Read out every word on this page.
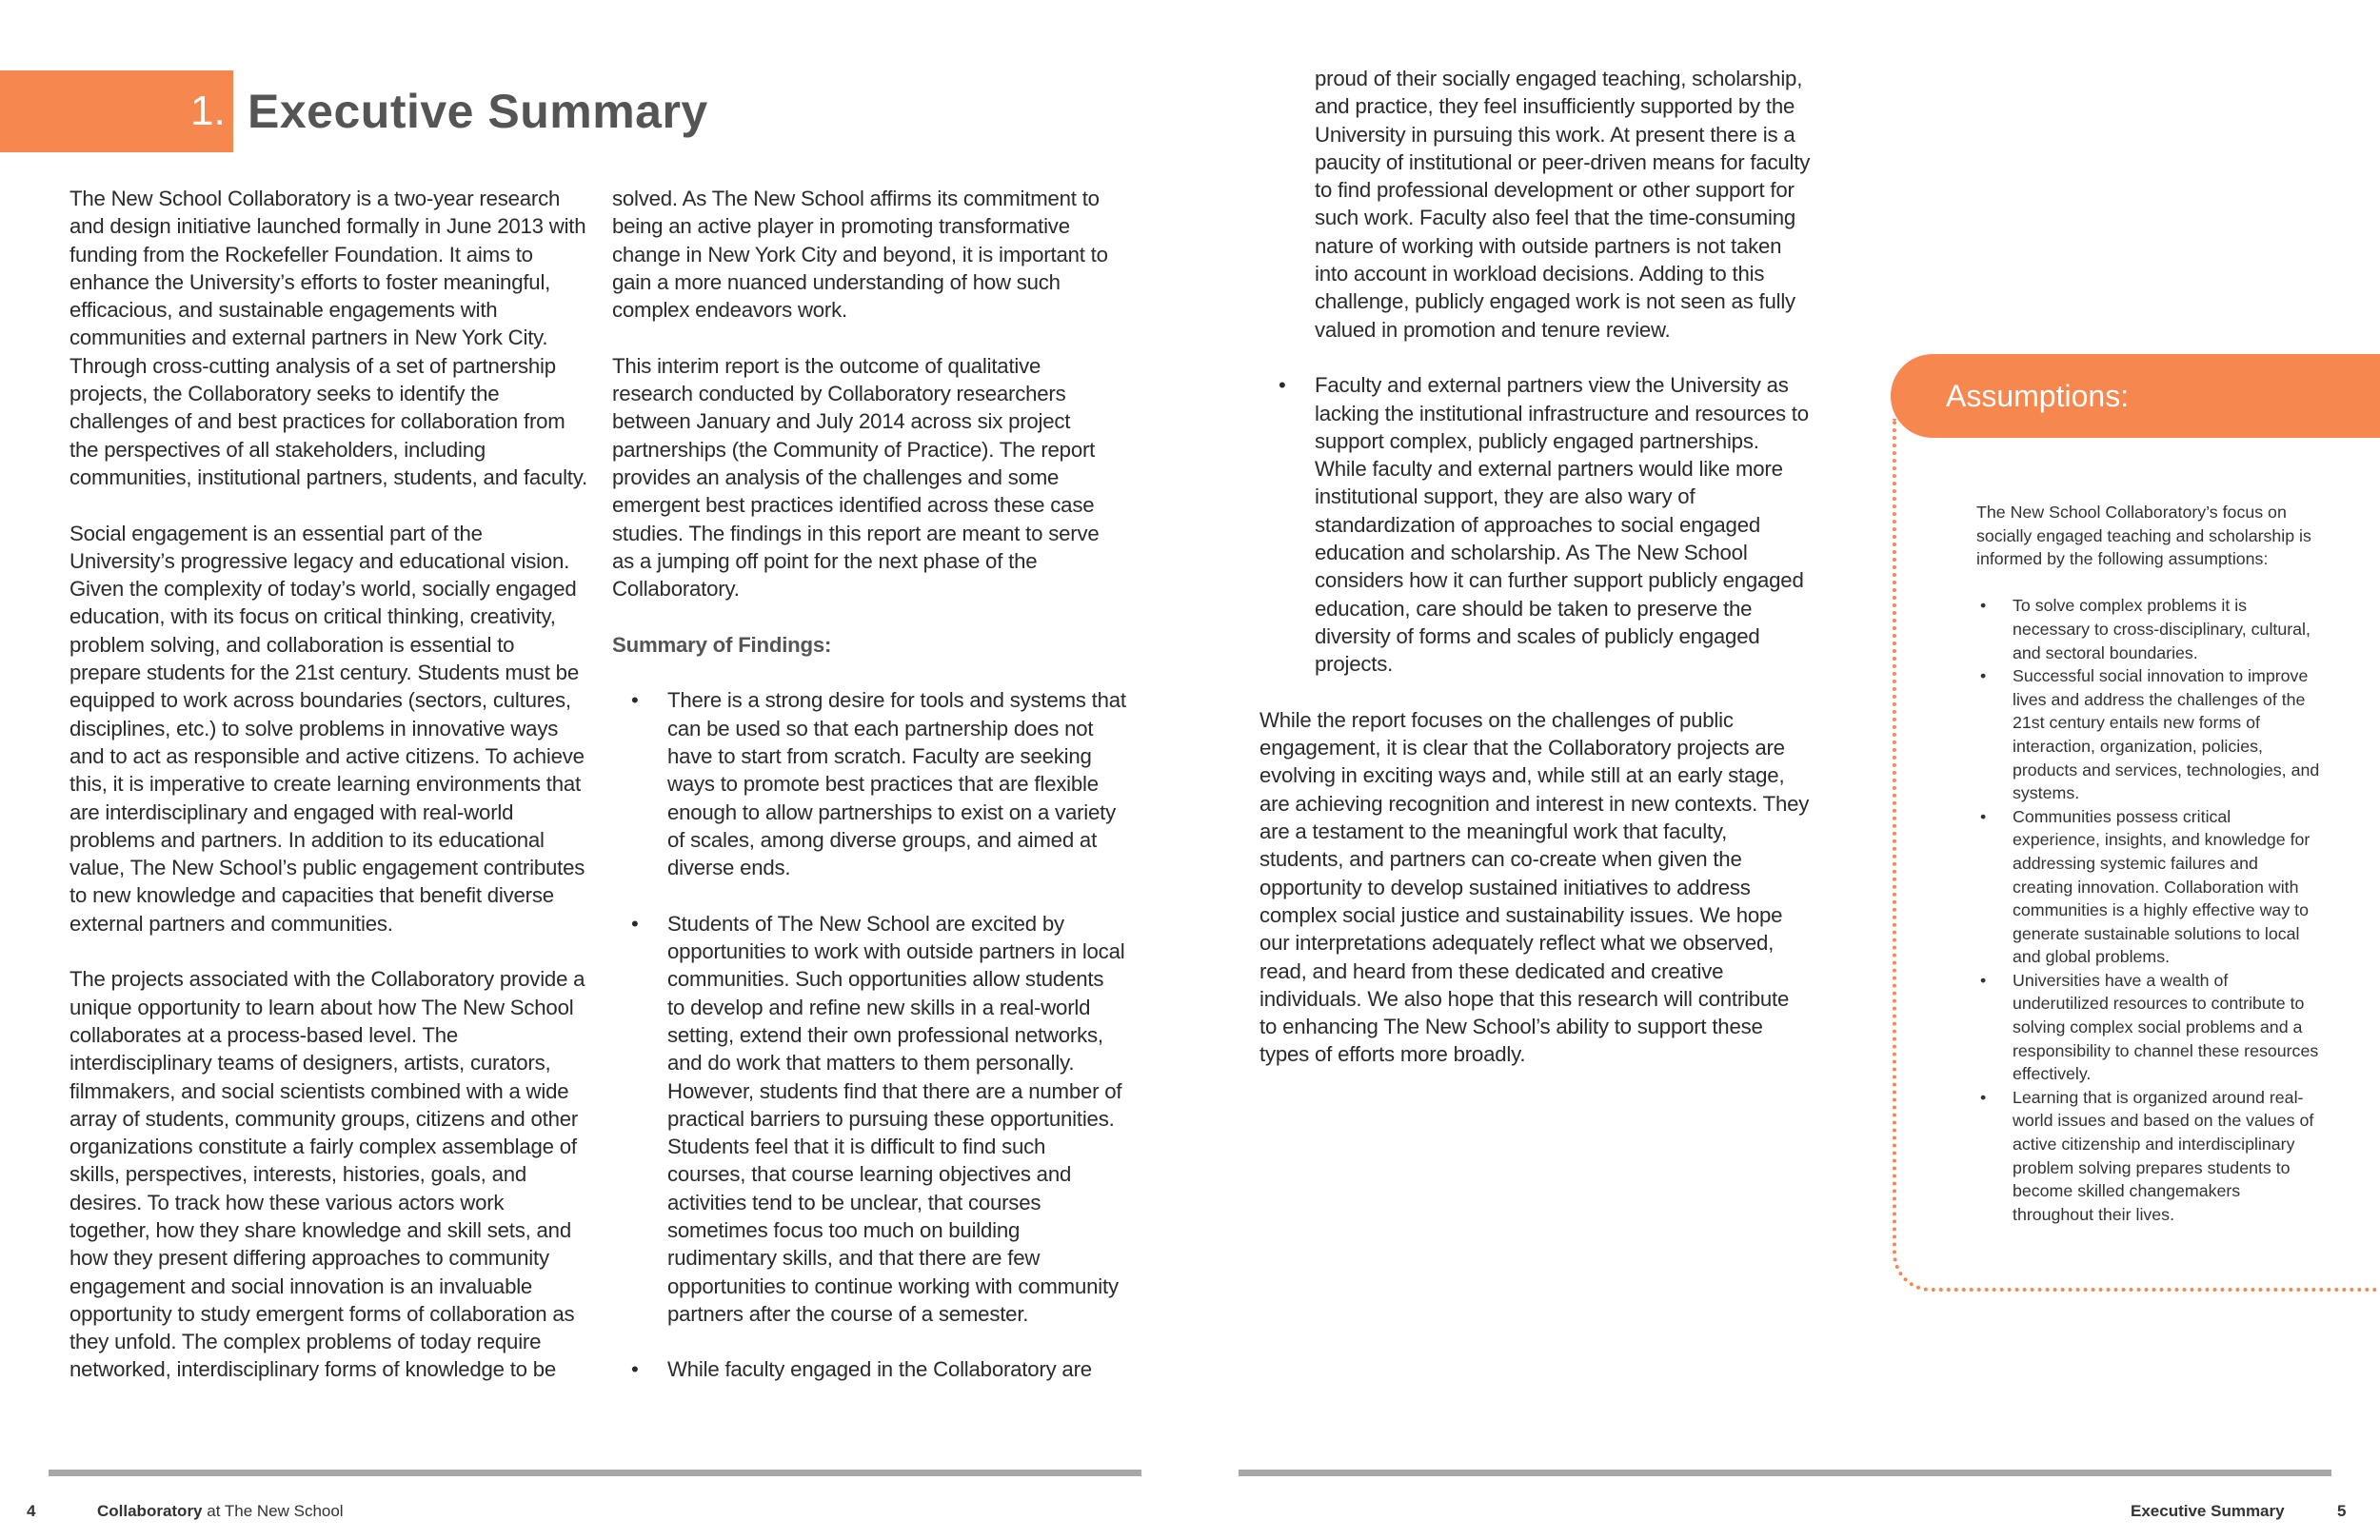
1. Executive Summary

The New School Collaboratory is a two-year research and design initiative launched formally in June 2013 with funding from the Rockefeller Foundation. It aims to enhance the University’s efforts to foster meaningful, efficacious, and sustainable engagements with communities and external partners in New York City. Through cross-cutting analysis of a set of partnership projects, the Collaboratory seeks to identify the challenges of and best practices for collaboration from the perspectives of all stakeholders, including communities, institutional partners, students, and faculty.

Social engagement is an essential part of the University’s progressive legacy and educational vision. Given the complexity of today’s world, socially engaged education, with its focus on critical thinking, creativity, problem solving, and collaboration is essential to prepare students for the 21st century. Students must be equipped to work across boundaries (sectors, cultures, disciplines, etc.) to solve problems in innovative ways and to act as responsible and active citizens. To achieve this, it is imperative to create learning environments that are interdisciplinary and engaged with real-world problems and partners. In addition to its educational value, The New School’s public engagement contributes to new knowledge and capacities that benefit diverse external partners and communities.

The projects associated with the Collaboratory provide a unique opportunity to learn about how The New School collaborates at a process-based level. The interdisciplinary teams of designers, artists, curators, filmmakers, and social scientists combined with a wide array of students, community groups, citizens and other organizations constitute a fairly complex assemblage of skills, perspectives, interests, histories, goals, and desires. To track how these various actors work together, how they share knowledge and skill sets, and how they present differing approaches to community engagement and social innovation is an invaluable opportunity to study emergent forms of collaboration as they unfold. The complex problems of today require networked, interdisciplinary forms of knowledge to be

solved. As The New School affirms its commitment to being an active player in promoting transformative change in New York City and beyond, it is important to gain a more nuanced understanding of how such complex endeavors work.

This interim report is the outcome of qualitative research conducted by Collaboratory researchers between January and July 2014 across six project partnerships (the Community of Practice). The report provides an analysis of the challenges and some emergent best practices identified across these case studies. The findings in this report are meant to serve as a jumping off point for the next phase of the Collaboratory.

Summary of Findings:

• There is a strong desire for tools and systems that can be used so that each partnership does not have to start from scratch. Faculty are seeking ways to promote best practices that are flexible enough to allow partnerships to exist on a variety of scales, among diverse groups, and aimed at diverse ends.
• Students of The New School are excited by opportunities to work with outside partners in local communities. Such opportunities allow students to develop and refine new skills in a real-world setting, extend their own professional networks, and do work that matters to them personally. However, students find that there are a number of practical barriers to pursuing these opportunities. Students feel that it is difficult to find such courses, that course learning objectives and activities tend to be unclear, that courses sometimes focus too much on building rudimentary skills, and that there are few opportunities to continue working with community partners after the course of a semester.
• While faculty engaged in the Collaboratory are

proud of their socially engaged teaching, scholarship, and practice, they feel insufficiently supported by the University in pursuing this work. At present there is a paucity of institutional or peer-driven means for faculty to find professional development or other support for such work. Faculty also feel that the time-consuming nature of working with outside partners is not taken into account in workload decisions. Adding to this challenge, publicly engaged work is not seen as fully valued in promotion and tenure review.

• Faculty and external partners view the University as lacking the institutional infrastructure and resources to support complex, publicly engaged partnerships. While faculty and external partners would like more institutional support, they are also wary of standardization of approaches to social engaged education and scholarship. As The New School considers how it can further support publicly engaged education, care should be taken to preserve the diversity of forms and scales of publicly engaged projects.

While the report focuses on the challenges of public engagement, it is clear that the Collaboratory projects are evolving in exciting ways and, while still at an early stage, are achieving recognition and interest in new contexts. They are a testament to the meaningful work that faculty, students, and partners can co-create when given the opportunity to develop sustained initiatives to address complex social justice and sustainability issues. We hope our interpretations adequately reflect what we observed, read, and heard from these dedicated and creative individuals. We also hope that this research will contribute to enhancing The New School’s ability to support these types of efforts more broadly.

Assumptions:

The New School Collaboratory’s focus on socially engaged teaching and scholarship is informed by the following assumptions:

• To solve complex problems it is necessary to cross-disciplinary, cultural, and sectoral boundaries.
• Successful social innovation to improve lives and address the challenges of the 21st century entails new forms of interaction, organization, policies, products and services, technologies, and systems.
• Communities possess critical experience, insights, and knowledge for addressing systemic failures and creating innovation. Collaboration with communities is a highly effective way to generate sustainable solutions to local and global problems.
• Universities have a wealth of underutilized resources to contribute to solving complex social problems and a responsibility to channel these resources effectively.
• Learning that is organized around real-world issues and based on the values of active citizenship and interdisciplinary problem solving prepares students to become skilled changemakers throughout their lives.
4	Collaboratory at The New School	Executive Summary	5
